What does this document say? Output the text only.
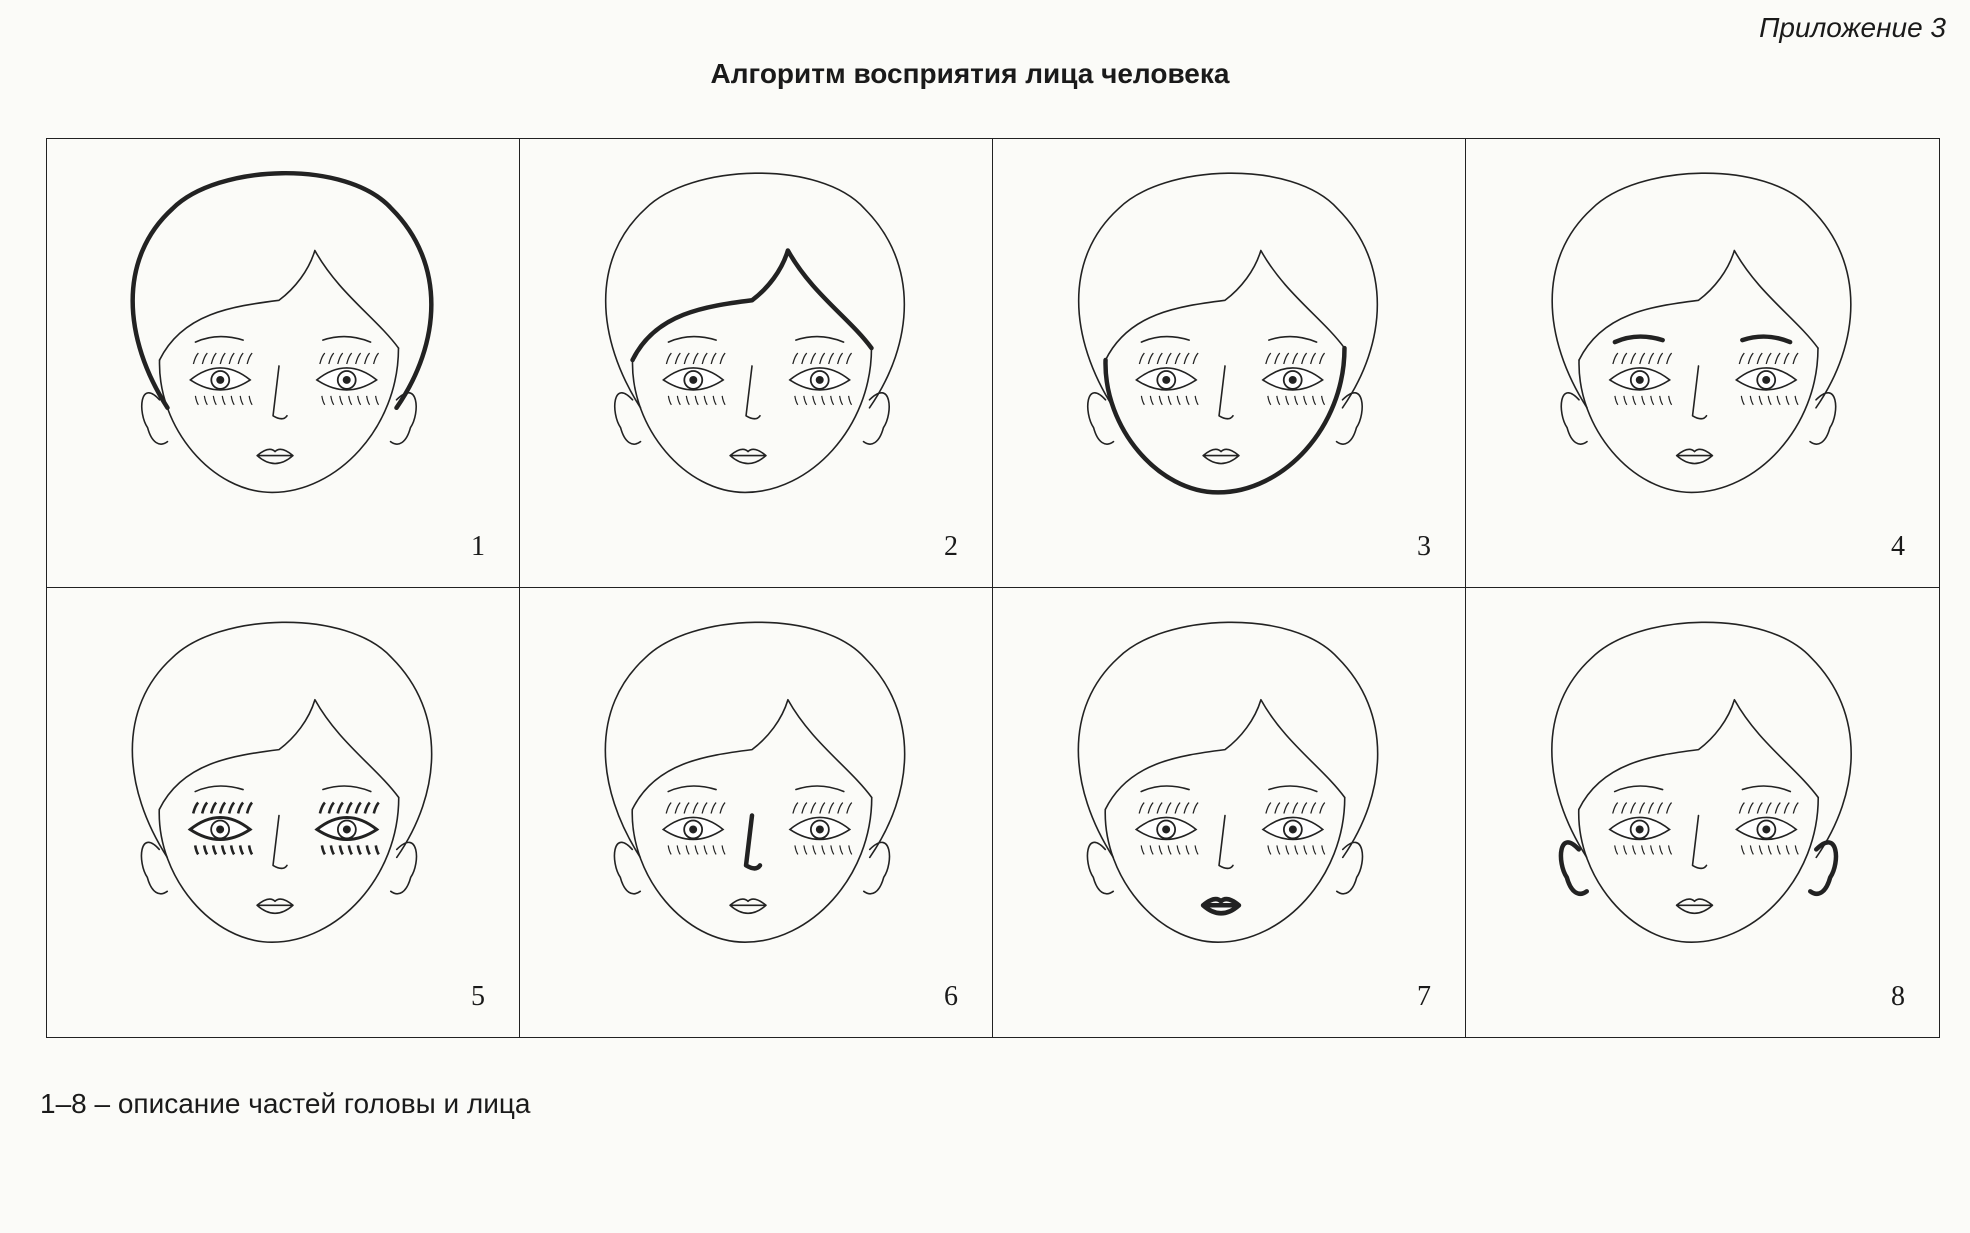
Приложение 3
Алгоритм восприятия лица человека
1	2	3	4
5	6	7	8
1–8 – описание частей головы и лица
